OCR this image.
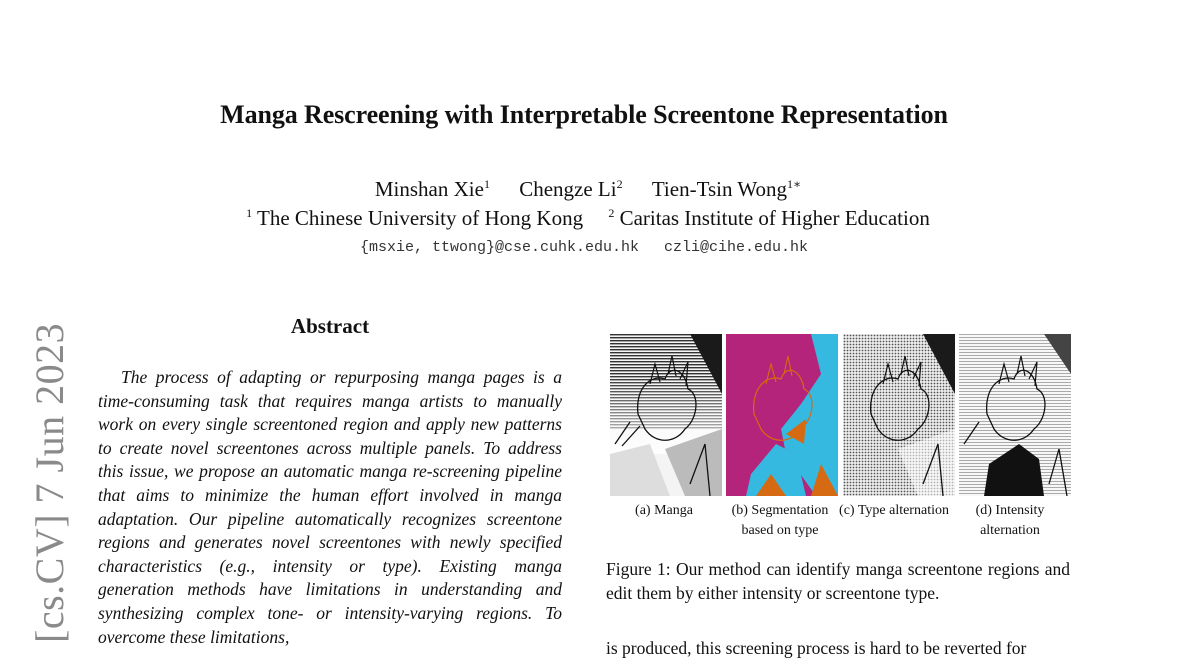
Manga Rescreening with Interpretable Screentone Representation
Minshan Xie$^1$ Chengze Li$^2$ Tien-Tsin Wong$^{1∗}$
$^1$ The Chinese University of Hong Kong $^2$ Caritas Institute of Higher Education
{msxie, ttwong}@cse.cuhk.edu.hk czli@cihe.edu.hk
[cs.CV] 7 Jun 2023	Abstract
The process of adapting or repurposing manga pages is a time-consuming task that requires manga artists to manually work on every single screentoned region and apply new patterns to create novel screentones across multiple panels. To address this issue, we propose an automatic manga re-screening pipeline that aims to minimize the human effort involved in manga adaptation. Our pipeline automatically recognizes screentone regions and generates novel screentones with newly specified characteristics (e.g., intensity or type). Existing manga generation methods have limitations in understanding and synthesizing complex tone- or intensity-varying regions. To overcome these limitations,
(a) Manga	(b) Segmentation based on type
(c) Type alternation	(d) Intensity alternation
Figure 1: Our method can identify manga screentone regions and edit them by either intensity or screentone type.
is produced, this screening process is hard to be reverted for
